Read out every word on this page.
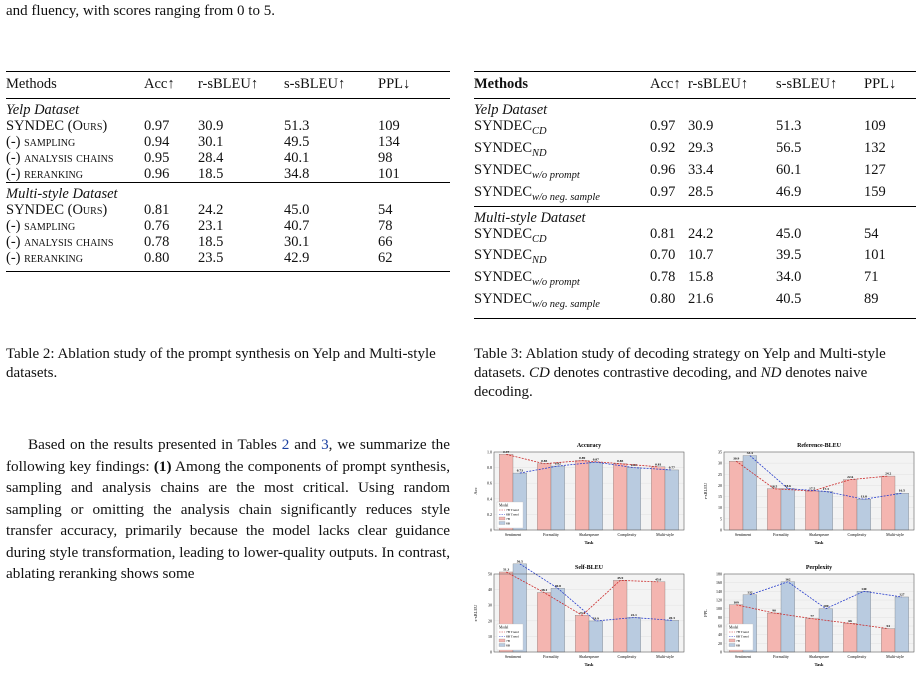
and fluency, with scores ranging from 0 to 5.
Methods	Acc↑	r-sBLEU↑	s-sBLEU↑	PPL↓
Yelp Dataset				
SYNDEC (Ours)	0.97	30.9	51.3	109
(-) sampling	0.94	30.1	49.5	134
(-) analysis chains	0.95	28.4	40.1	98
(-) reranking	0.96	18.5	34.8	101
Multi-style Dataset				
SYNDEC (Ours)	0.81	24.2	45.0	54
(-) sampling	0.76	23.1	40.7	78
(-) analysis chains	0.78	18.5	30.1	66
(-) reranking	0.80	23.5	42.9	62
Methods	Acc↑	r-sBLEU↑	s-sBLEU↑	PPL↓
Yelp Dataset				
$SYNDEC_{CD}$	0.97	30.9	51.3	109
$SYNDEC_{ND}$	0.92	29.3	56.5	132
$SYNDEC_{w/o prompt}$	0.96	33.4	60.1	127
$SYNDEC_{w/o neg. sample}$	0.97	28.5	46.9	159
Multi-style Dataset				
$SYNDEC_{CD}$	0.81	24.2	45.0	54
$SYNDEC_{ND}$	0.70	10.7	39.5	101
$SYNDEC_{w/o prompt}$	0.78	15.8	34.0	71
$SYNDEC_{w/o neg. sample}$	0.80	21.6	40.5	89
Table 2: Ablation study of the prompt synthesis on Yelp and Multi-style datasets.
Table 3: Ablation study of decoding strategy on Yelp and Multi-style datasets. CD denotes contrastive decoding, and ND denotes naive decoding.

Based on the results presented in Tables 2 and 3, we summarize the following key findings: (1) Among the components of prompt synthesis, sampling and analysis chains are the most critical. Using random sampling or omitting the analysis chain significantly reduces style transfer accuracy, primarily because the model lacks clear guidance during style transformation, leading to lower-quality outputs. In contrast, ablating reranking shows some

Accuracy
Acc
Task
0
0.2
0.4
0.6
0.8
1.0
Sentiment
0.97
0.73
Formality
0.85
0.82
Shakespeare
0.89 0.87
Complexity
0.85
0.80
Multi-style
0.81
0.77
Model
7B Trend
8B Trend
7B
8B
Reference-BLEU
r-sBLEU
Task
0
5
10
15
20
25
30
35
Sentiment
30.9
33.4
Formality
18.5 18.6
Shakespeare
17.5 17.3
Complexity
22.6
13.8
Multi-style
24.2
16.5
Self-BLEU
s-sBLEU
Task
0
10
20
30
40
50
Sentiment
51.3
56.5
Formality
38.1
40.8
Shakespeare
23.5
19.9
Complexity
45.9
22.1
Multi-style
45.0
20.3
Model
7B Trend
8B Trend
7B
8B
Perplexity
PPL
Task
0
20
40
60
80
100
120
140
160
180
Sentiment
109
132
Formality
90
162
Shakespeare
77
100
Complexity
66
140
Multi-style
54
127
Model
7B Trend
8B Trend
7B
8B
